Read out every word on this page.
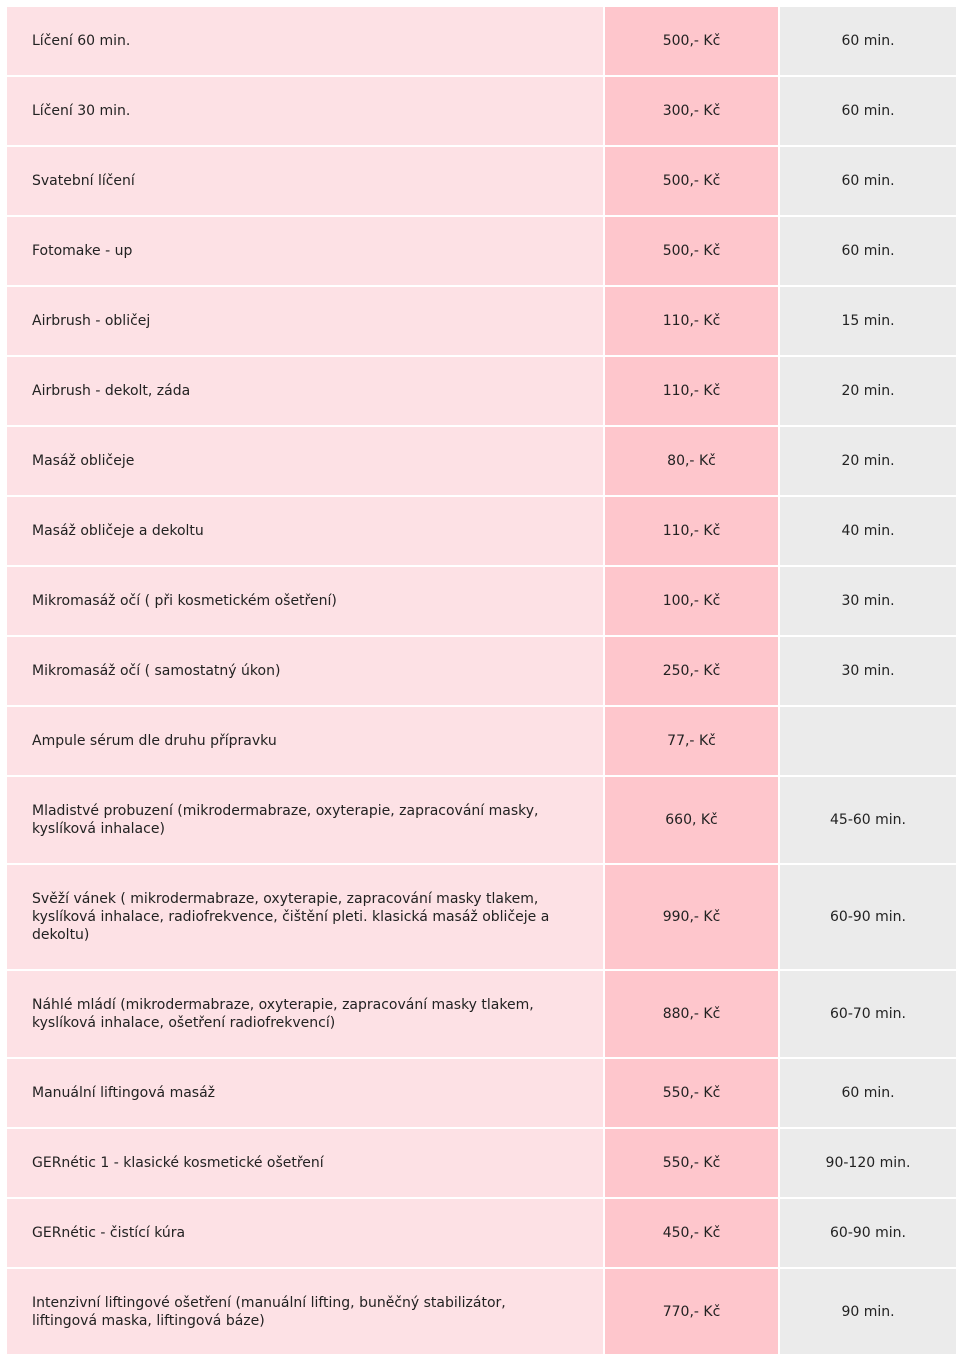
Líčení 60 min.	500,- Kč	60 min.
Líčení 30 min.	300,- Kč	60 min.
Svatební líčení	500,- Kč	60 min.
Fotomake - up	500,- Kč	60 min.
Airbrush - obličej	110,- Kč	15 min.
Airbrush - dekolt, záda	110,- Kč	20 min.
Masáž obličeje	80,- Kč	20 min.
Masáž obličeje a dekoltu	110,- Kč	40 min.
Mikromasáž očí ( při kosmetickém ošetření)	100,- Kč	30 min.
Mikromasáž očí ( samostatný úkon)	250,- Kč	30 min.
Ampule sérum dle druhu přípravku	77,- Kč	
Mladistvé probuzení (mikrodermabraze, oxyterapie, zapracování masky, kyslíková inhalace)	660, Kč	45-60 min.
Svěží vánek ( mikrodermabraze, oxyterapie, zapracování masky tlakem, kyslíková inhalace, radiofrekvence, čištění pleti. klasická masáž obličeje a dekoltu)	990,- Kč	60-90 min.
Náhlé mládí (mikrodermabraze, oxyterapie, zapracování masky tlakem, kyslíková inhalace, ošetření radiofrekvencí)	880,- Kč	60-70 min.
Manuální liftingová masáž	550,- Kč	60 min.
GERnétic 1 - klasické kosmetické ošetření	550,- Kč	90-120 min.
GERnétic - čistící kúra	450,- Kč	60-90 min.
Intenzivní liftingové ošetření (manuální lifting, buněčný stabilizátor, liftingová maska, liftingová báze)	770,- Kč	90 min.
